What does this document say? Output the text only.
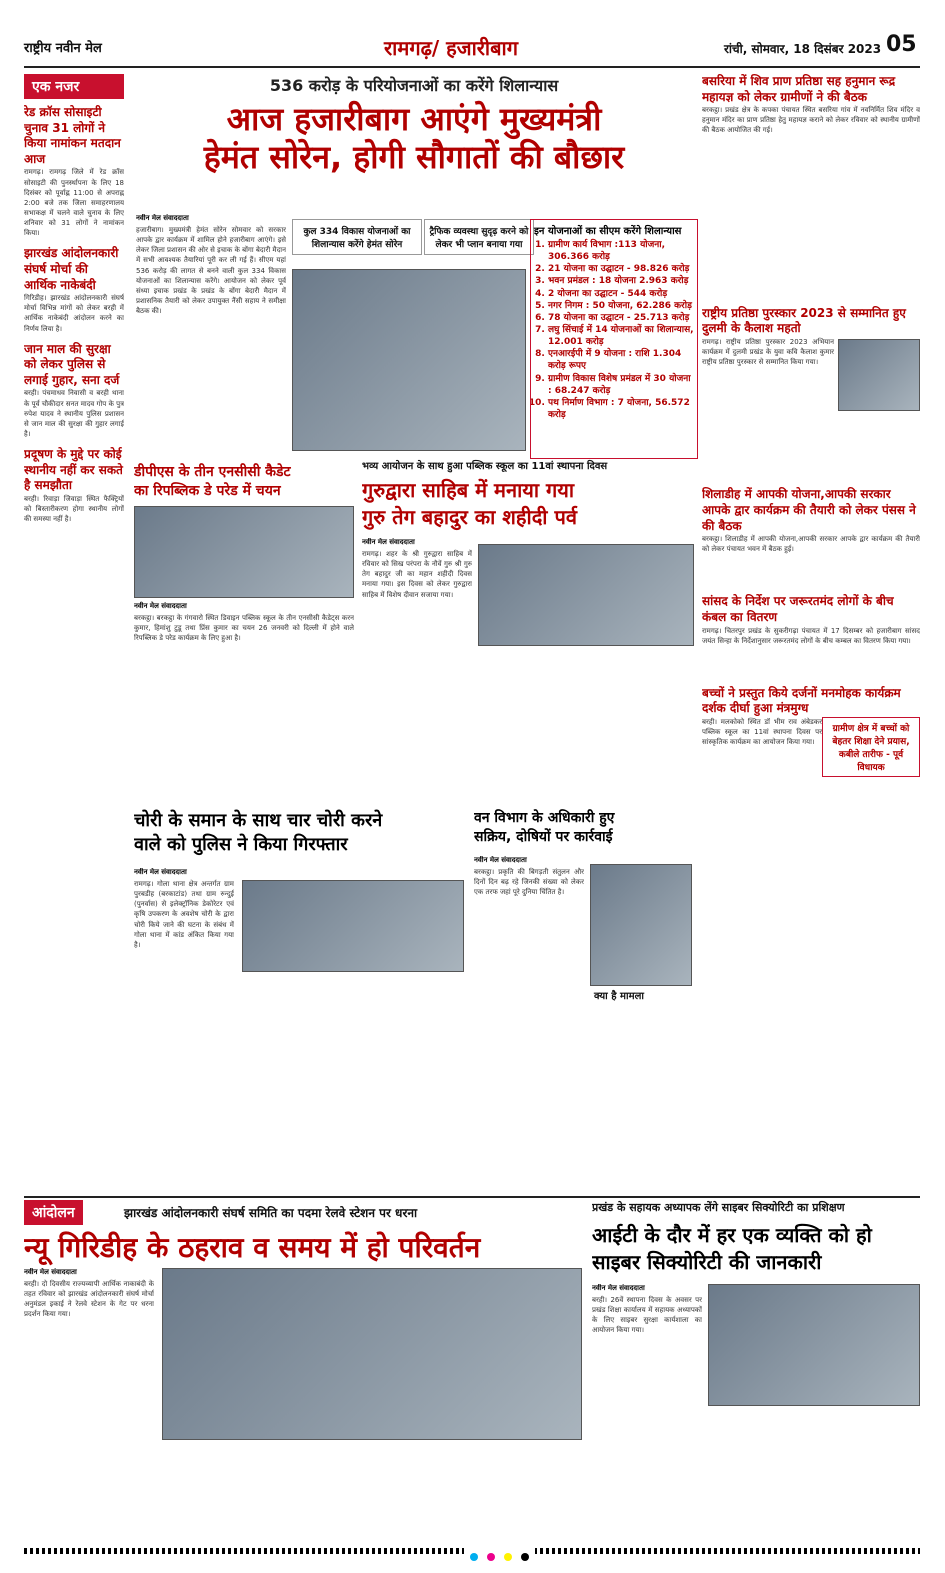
राष्ट्रीय नवीन मेल	रामगढ़/ हजारीबाग	रांची, सोमवार, 18 दिसंबर 2023 05
एक नजर
रेड क्रॉस सोसाइटी चुनाव 31 लोगों ने किया नामांकन मतदान आज
रामगढ़। रामगढ़ जिले में रेड क्रॉस सोसाइटी की पुनर्स्थापना के लिए 18 दिसंबर को पूर्वाह्न 11:00 से अपराह्न 2:00 बजे तक जिला समाहरणालय सभाकक्ष में चलने वाले चुनाव के लिए शनिवार को 31 लोगों ने नामांकन किया।
झारखंड आंदोलनकारी संघर्ष मोर्चा की आर्थिक नाकेबंदी
गिरिडीह। झारखंड आंदोलनकारी संघर्ष मोर्चा विभिन्न मांगों को लेकर बरही में आर्थिक नाकेबंदी आंदोलन करने का निर्णय लिया है।
जान माल की सुरक्षा को लेकर पुलिस से लगाई गुहार, सना दर्ज
बरही। पंचमाधव निवासी व बरही थाना के पूर्व चौकीदार सनत मादव गोप के पुत्र रुपेश यादव ने स्थानीय पुलिस प्रशासन से जान माल की सुरक्षा की गुहार लगाई है।
प्रदूषण के मुद्दे पर कोई स्थानीय नहीं कर सकते है समझौता
बरही। रिवाड़ा जिवाड़ा स्थित फैक्ट्रियों को बिस्तारीकरण होगा स्थानीय लोगों की समस्या नहीं है।
536 करोड़ के परियोजनाओं का करेंगे शिलान्यास
आज हजारीबाग आएंगे मुख्यमंत्री
हेमंत सोरेन, होगी सौगातों की बौछार
नवीन मेल संवाददाता
हजारीबाग। मुख्यमंत्री हेमंत सोरेन सोमवार को सरकार आपके द्वार कार्यक्रम में शामिल होने हजारीबाग आएंगे। इसे लेकर जिला प्रशासन की ओर से इचाक के बोंगा बेदारी मैदान में सभी आवश्यक तैयारियां पूरी कर ली गई हैं। सीएम यहां 536 करोड़ की लागत से बनने वाली कुल 334 विकास योजनाओं का शिलान्यास करेंगे। आयोजन को लेकर पूर्व संध्या इचाक प्रखंड के प्रखंड के बोंगा बेदारी मैदान में प्रशासनिक तैयारी को लेकर उपायुक्त नैंसी सहाय ने समीक्षा बैठक की।
कुल 334 विकास योजनाओं का शिलान्यास करेंगे हेमंत सोरेन
ट्रैफिक व्यवस्था सुदृढ़ करने को लेकर भी प्लान बनाया गया
इन योजनाओं का सीएम करेंगे शिलान्यास
1. ग्रामीण कार्य विभाग :113 योजना, 306.366 करोड़
2. 21 योजना का उद्घाटन - 98.826 करोड़
3. भवन प्रमंडल : 18 योजना 2.963 करोड़
4. 2 योजना का उद्घाटन - 544 करोड़
5. नगर निगम : 50 योजना, 62.286 करोड़
6. 78 योजना का उद्घाटन - 25.713 करोड़
7. लघु सिंचाई में 14 योजनाओं का शिलान्यास, 12.001 करोड़
8. एनआरईपी में 9 योजना : राशि 1.304 करोड़ रूपए
9. ग्रामीण विकास विशेष प्रमंडल में 30 योजना : 68.247 करोड़
10. पथ निर्माण विभाग : 7 योजना, 56.572 करोड़
बसरिया में शिव प्राण प्रतिष्ठा सह हनुमान रूद्र महायज्ञ को लेकर ग्रामीणों ने की बैठक
बरकट्ठा। प्रखंड क्षेत्र के कपका पंचायत स्थित बसरिया गांव में नवनिर्मित शिव मंदिर व हनुमान मंदिर का प्राण प्रतिष्ठा हेतु महायज्ञ कराने को लेकर रविवार को स्थानीय ग्रामीणों की बैठक आयोजित की गई।

राष्ट्रीय प्रतिष्ठा पुरस्कार 2023 से सम्मानित हुए दुलमी के कैलाश महतो
रामगढ़। राष्ट्रीय प्रतिष्ठा पुरस्कार 2023 अभियान कार्यक्रम में दुलमी प्रखंड के युवा कवि कैलाश कुमार राष्ट्रीय प्रतिष्ठा पुरस्कार से सम्मानित किया गया।
शिलाडीह में आपकी योजना,आपकी सरकार आपके द्वार कार्यक्रम की तैयारी को लेकर पंसस ने की बैठक
बरकट्ठा। शिलाडीह में आपकी योजना,आपकी सरकार आपके द्वार कार्यक्रम की तैयारी को लेकर पंचायत भवन में बैठक हुई।
सांसद के निर्देश पर जरूरतमंद लोगों के बीच कंबल का वितरण
रामगढ़। चितरपुर प्रखंड के सुकरीगढ़ा पंचायत में 17 दिसम्बर को हजारीबाग सांसद जयंत सिन्हा के निर्देशानुसार जरूरतमंद लोगों के बीच कम्बल का वितरण किया गया।
बच्चों ने प्रस्तुत किये दर्जनों मनमोहक कार्यक्रम दर्शक दीर्घा हुआ मंत्रमुग्ध
ग्रामीण क्षेत्र में बच्चों को बेहतर शिक्षा देने प्रयास, कबीले तारीफ - पूर्व विधायक
बरही। मलकोको स्थित डॉ भीम राव अंबेडकर पब्लिक स्कूल का 11वां स्थापना दिवस पर सांस्कृतिक कार्यक्रम का आयोजन किया गया।
डीपीएस के तीन एनसीसी कैडेट
का रिपब्लिक डे परेड में चयन
नवीन मेल संवाददाता
बरकट्ठा। बरकट्ठा के गंगवारो स्थित डिवाइन पब्लिक स्कूल के तीन एनसीसी कैडेट्स करन कुमार, हिमांशु टुडू तथा प्रिंस कुमार का चयन 26 जनवरी को दिल्ली में होने वाले रिपब्लिक डे परेड कार्यक्रम के लिए हुआ है।
भव्य आयोजन के साथ हुआ पब्लिक स्कूल का 11वां स्थापना दिवस
गुरुद्वारा साहिब में मनाया गया
गुरु तेग बहादुर का शहीदी पर्व
नवीन मेल संवाददाता
रामगढ़। शहर के श्री गुरुद्वारा साहिब में रविवार को सिख परंपरा के नौवें गुरु श्री गुरु तेग बहादुर जी का महान शहीदी दिवस मनाया गया। इस दिवस को लेकर गुरुद्वारा साहिब में विशेष दीवान सजाया गया।
चोरी के समान के साथ चार चोरी करने
वाले को पुलिस ने किया गिरफ्तार
नवीन मेल संवाददाता
रामगढ़। गोला थाना क्षेत्र अन्तर्गत ग्राम पुरबडीह (बरकाटांड) तथा ग्राम रुन्दुई (पुनर्वास) से इलेक्ट्रॉनिक डेकोरेटर एवं कृषि उपकरण के अवशेष चोरी के द्वारा चोरी किये जाने की घटना के संबंध में गोला थाना में कांड अंकित किया गया है।
वन विभाग के अधिकारी हुए
सक्रिय, दोषियों पर कार्रवाई
नवीन मेल संवाददाता
बरकट्ठा। प्रकृति की बिगड़ती संतुलन और दिनों दिन बढ़ रहे जिनकी संख्या को लेकर एक तरफ जहां पूरे दुनिया चिंतित है।
क्या है मामला
आंदोलन	झारखंड आंदोलनकारी संघर्ष समिति का पदमा रेलवे स्टेशन पर धरना
न्यू गिरिडीह के ठहराव व समय में हो परिवर्तन
नवीन मेल संवाददाता
बरही। दो दिवसीय राज्यव्यापी आर्थिक नाकाबंदी के तहत रविवार को झारखंड आंदोलनकारी संघर्ष मोर्चा अनुमंडल इकाई ने रेलवे स्टेशन के गेट पर धरना प्रदर्शन किया गया।
प्रखंड के सहायक अध्यापक लेंगे साइबर सिक्योरिटी का प्रशिक्षण
आईटी के दौर में हर एक व्यक्ति को हो
साइबर सिक्योरिटी की जानकारी
नवीन मेल संवाददाता
बरही। 26वें स्थापना दिवस के अवसर पर प्रखंड शिक्षा कार्यालय में सहायक अध्यापकों के लिए साइबर सुरक्षा कार्यशाला का आयोजन किया गया।
